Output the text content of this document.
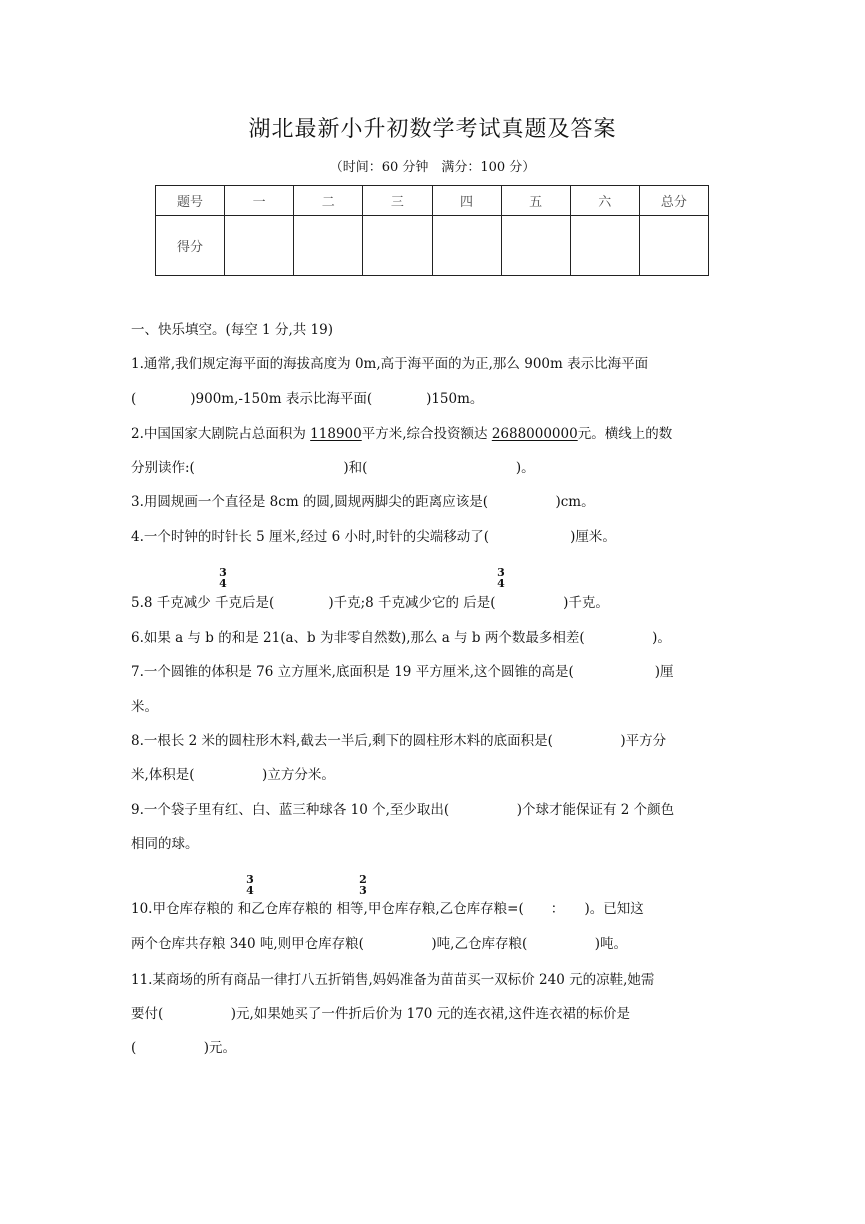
湖北最新小升初数学考试真题及答案
（时间：60 分钟　满分：100 分）
题号	一	二	三	四	五	六	总分
得分							
一、快乐填空。(每空 1 分,共 19)
1.通常,我们规定海平面的海拔高度为 0m,高于海平面的为正,那么 900m 表示比海平面
(　　　　)900m,-150m 表示比海平面(　　　　)150m。
2.中国国家大剧院占总面积为 118900平方米,综合投资额达 2688000000元。横线上的数
分别读作:(　　　　　　　　　　　)和(　　　　　　　　　　　)。
3.用圆规画一个直径是 8cm 的圆,圆规两脚尖的距离应该是(　　　　　)cm。
4.一个时钟的时针长 5 厘米,经过 6 小时,时针的尖端移动了(　　　　　　)厘米。
3
4
3
4
5.8 千克减少 千克后是(　　　　)千克;8 千克减少它的 后是(　　　　　)千克。
6.如果 a 与 b 的和是 21(a、b 为非零自然数),那么 a 与 b 两个数最多相差(　　　　　)。
7.一个圆锥的体积是 76 立方厘米,底面积是 19 平方厘米,这个圆锥的高是(　　　　　　)厘
米。
8.一根长 2 米的圆柱形木料,截去一半后,剩下的圆柱形木料的底面积是(　　　　　)平方分
米,体积是(　　　　　)立方分米。
9.一个袋子里有红、白、蓝三种球各 10 个,至少取出(　　　　　)个球才能保证有 2 个颜色
相同的球。
3
4
2
3
10.甲仓库存粮的 和乙仓库存粮的 相等,甲仓库存粮,乙仓库存粮=(　　：　　)。已知这
两个仓库共存粮 340 吨,则甲仓库存粮(　　　　　)吨,乙仓库存粮(　　　　　)吨。
11.某商场的所有商品一律打八五折销售,妈妈准备为苗苗买一双标价 240 元的凉鞋,她需
要付(　　　　　)元,如果她买了一件折后价为 170 元的连衣裙,这件连衣裙的标价是
(　　　　　)元。
